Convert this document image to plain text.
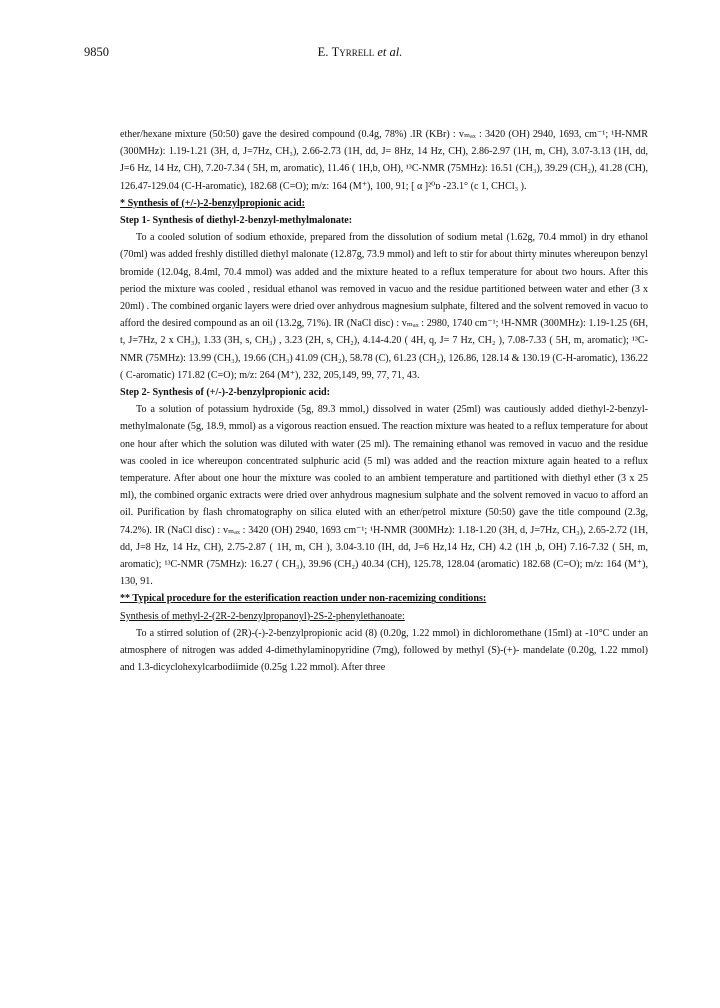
9850	E. Tyrrell et al.

ether/hexane mixture (50:50) gave the desired compound (0.4g, 78%) .IR (KBr) : vₘₐₓ : 3420 (OH) 2940, 1693, cm⁻¹; ¹H-NMR (300MHz): 1.19-1.21 (3H, d, J=7Hz, CH₃), 2.66-2.73 (1H, dd, J= 8Hz, 14 Hz, CH), 2.86-2.97 (1H, m, CH), 3.07-3.13 (1H, dd, J=6 Hz, 14 Hz, CH), 7.20-7.34 ( 5H, m, aromatic), 11.46 ( 1H,b, OH), ¹³C-NMR (75MHz): 16.51 (CH₃), 39.29 (CH₂), 41.28 (CH), 126.47-129.04 (C-H-aromatic), 182.68 (C=O); m/z: 164 (M⁺), 100, 91; [ α ]²⁰ᴅ -23.1° (c 1, CHCl₃ ).

* Synthesis of (+/-)-2-benzylpropionic acid:

Step 1- Synthesis of diethyl-2-benzyl-methylmalonate:

To a cooled solution of sodium ethoxide, prepared from the dissolution of sodium metal (1.62g, 70.4 mmol) in dry ethanol (70ml) was added freshly distilled diethyl malonate (12.87g, 73.9 mmol) and left to stir for about thirty minutes whereupon benzyl bromide (12.04g, 8.4ml, 70.4 mmol) was added and the mixture heated to a reflux temperature for about two hours. After this period the mixture was cooled , residual ethanol was removed in vacuo and the residue partitioned between water and ether (3 x 20ml) . The combined organic layers were dried over anhydrous magnesium sulphate, filtered and the solvent removed in vacuo to afford the desired compound as an oil (13.2g, 71%). IR (NaCl disc) : vₘₐₓ : 2980, 1740 cm⁻¹; ¹H-NMR (300MHz): 1.19-1.25 (6H, t, J=7Hz, 2 x CH₃), 1.33 (3H, s, CH₃) , 3.23 (2H, s, CH₂), 4.14-4.20 ( 4H, q, J= 7 Hz, CH₂ ), 7.08-7.33 ( 5H, m, aromatic); ¹³C-NMR (75MHz): 13.99 (CH₃), 19.66 (CH₃) 41.09 (CH₂), 58.78 (C), 61.23 (CH₂), 126.86, 128.14 & 130.19 (C-H-aromatic), 136.22 ( C-aromatic) 171.82 (C=O); m/z: 264 (M⁺), 232, 205,149, 99, 77, 71, 43.

Step 2- Synthesis of (+/-)-2-benzylpropionic acid:

To a solution of potassium hydroxide (5g, 89.3 mmol,) dissolved in water (25ml) was cautiously added diethyl-2-benzyl-methylmalonate (5g, 18.9, mmol) as a vigorous reaction ensued. The reaction mixture was heated to a reflux temperature for about one hour after which the solution was diluted with water (25 ml). The remaining ethanol was removed in vacuo and the residue was cooled in ice whereupon concentrated sulphuric acid (5 ml) was added and the reaction mixture again heated to a reflux temperature. After about one hour the mixture was cooled to an ambient temperature and partitioned with diethyl ether (3 x 25 ml), the combined organic extracts were dried over anhydrous magnesium sulphate and the solvent removed in vacuo to afford an oil. Purification by flash chromatography on silica eluted with an ether/petrol mixture (50:50) gave the title compound (2.3g, 74.2%). IR (NaCl disc) : vₘₐₓ : 3420 (OH) 2940, 1693 cm⁻¹; ¹H-NMR (300MHz): 1.18-1.20 (3H, d, J=7Hz, CH₃), 2.65-2.72 (1H, dd, J=8 Hz, 14 Hz, CH), 2.75-2.87 ( 1H, m, CH ), 3.04-3.10 (IH, dd, J=6 Hz,14 Hz, CH) 4.2 (1H ,b, OH) 7.16-7.32 ( 5H, m, aromatic); ¹³C-NMR (75MHz): 16.27 ( CH₃), 39.96 (CH₂) 40.34 (CH), 125.78, 128.04 (aromatic) 182.68 (C=O); m/z: 164 (M⁺), 130, 91.

** Typical procedure for the esterification reaction under non-racemizing conditions:

Synthesis of methyl-2-(2R-2-benzylpropanoyl)-2S-2-phenylethanoate:

To a stirred solution of (2R)-(-)-2-benzylpropionic acid (8) (0.20g, 1.22 mmol) in dichloromethane (15ml) at -10°C under an atmosphere of nitrogen was added 4-dimethylaminopyridine (7mg), followed by methyl (S)-(+)- mandelate (0.20g, 1.22 mmol) and 1.3-dicyclohexylcarbodiimide (0.25g 1.22 mmol). After three
